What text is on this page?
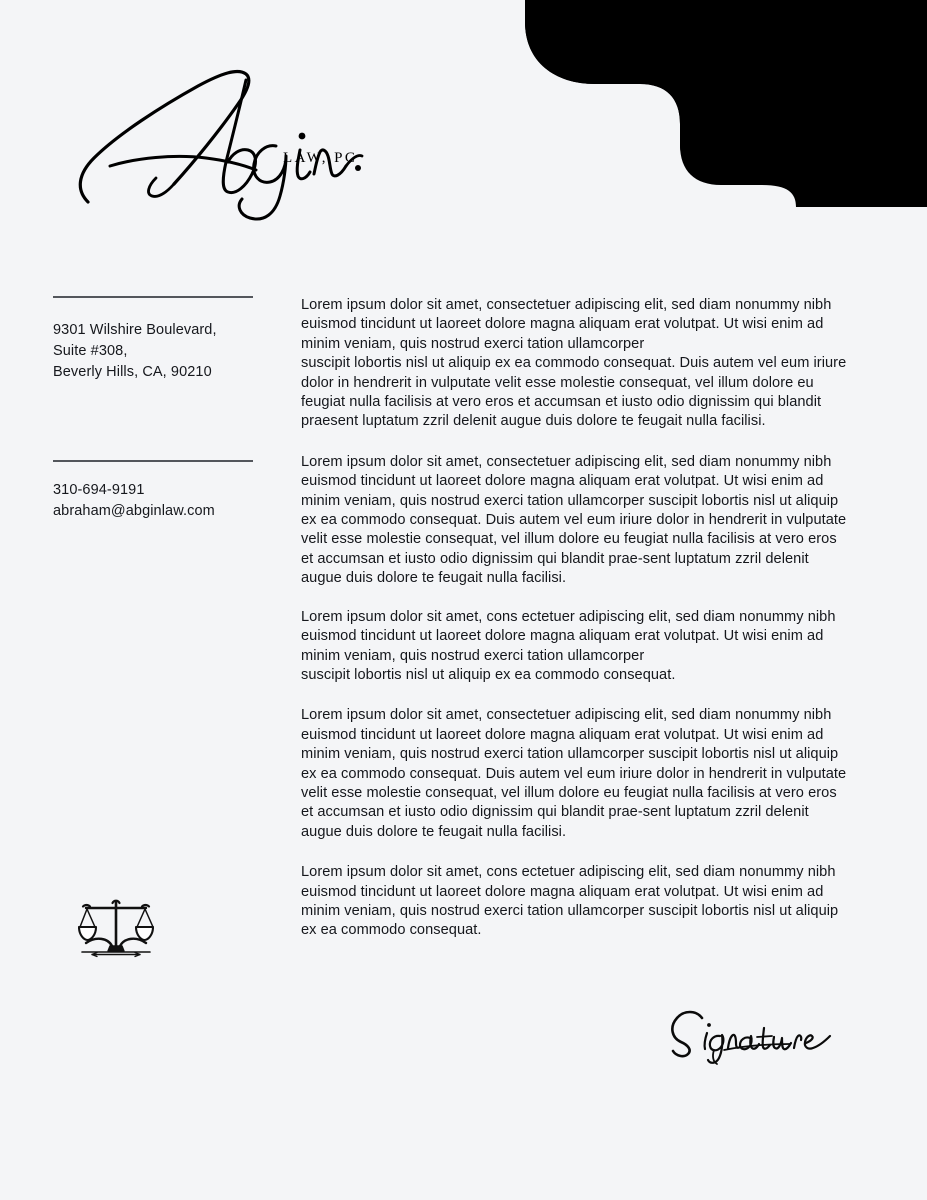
LAW, PC
9301 Wilshire Boulevard,
Suite #308,
Beverly Hills, CA, 90210
310-694-9191
abraham@abginlaw.com

Lorem ipsum dolor sit amet, consectetuer adipiscing elit, sed diam nonummy nibh euismod tincidunt ut laoreet dolore magna aliquam erat volutpat. Ut wisi enim ad minim veniam, quis nostrud exerci tation ullamcorper
suscipit lobortis nisl ut aliquip ex ea commodo consequat. Duis autem vel eum iriure dolor in hendrerit in vulputate velit esse molestie consequat, vel illum dolore eu feugiat nulla facilisis at vero eros et accumsan et iusto odio dignissim qui blandit praesent luptatum zzril delenit augue duis dolore te feugait nulla facilisi.

Lorem ipsum dolor sit amet, consectetuer adipiscing elit, sed diam nonummy nibh euismod tincidunt ut laoreet dolore magna aliquam erat volutpat. Ut wisi enim ad minim veniam, quis nostrud exerci tation ullamcorper suscipit lobortis nisl ut aliquip ex ea commodo consequat. Duis autem vel eum iriure dolor in hendrerit in vulputate velit esse molestie consequat, vel illum dolore eu feugiat nulla facilisis at vero eros et accumsan et iusto odio dignissim qui blandit prae-sent luptatum zzril delenit augue duis dolore te feugait nulla facilisi.

Lorem ipsum dolor sit amet, cons ectetuer adipiscing elit, sed diam nonummy nibh euismod tincidunt ut laoreet dolore magna aliquam erat volutpat. Ut wisi enim ad minim veniam, quis nostrud exerci tation ullamcorper
suscipit lobortis nisl ut aliquip ex ea commodo consequat.

Lorem ipsum dolor sit amet, consectetuer adipiscing elit, sed diam nonummy nibh euismod tincidunt ut laoreet dolore magna aliquam erat volutpat. Ut wisi enim ad minim veniam, quis nostrud exerci tation ullamcorper suscipit lobortis nisl ut aliquip ex ea commodo consequat. Duis autem vel eum iriure dolor in hendrerit in vulputate velit esse molestie consequat, vel illum dolore eu feugiat nulla facilisis at vero eros et accumsan et iusto odio dignissim qui blandit prae-sent luptatum zzril delenit augue duis dolore te feugait nulla facilisi.

Lorem ipsum dolor sit amet, cons ectetuer adipiscing elit, sed diam nonummy nibh euismod tincidunt ut laoreet dolore magna aliquam erat volutpat. Ut wisi enim ad minim veniam, quis nostrud exerci tation ullamcorper suscipit lobortis nisl ut aliquip ex ea commodo consequat.
